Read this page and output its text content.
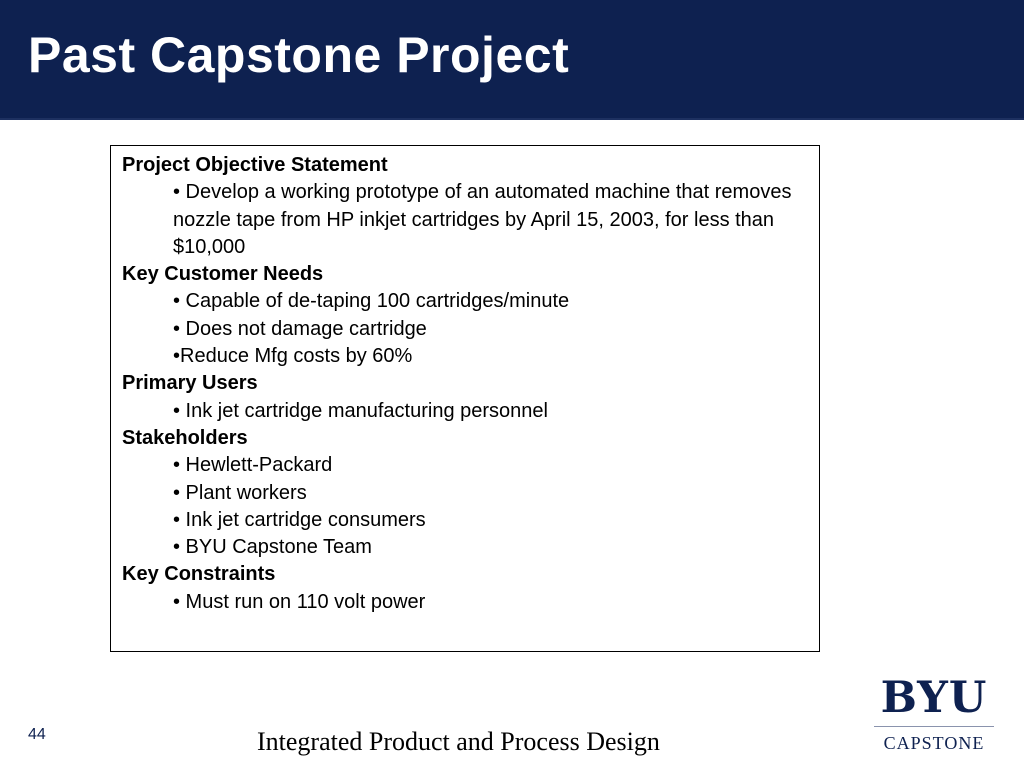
Past Capstone Project

Project Objective Statement

• Develop a working prototype of an automated machine that removes nozzle tape from HP inkjet cartridges by April 15, 2003, for less than $10,000

Key Customer Needs

• Capable of de-taping 100 cartridges/minute
• Does not damage cartridge
•Reduce Mfg costs by 60%

Primary Users

• Ink jet cartridge manufacturing personnel

Stakeholders

• Hewlett-Packard
• Plant workers
• Ink jet cartridge consumers
• BYU Capstone Team

Key Constraints

• Must run on 110 volt power
44	Integrated Product and Process Design
BYU
CAPSTONE
